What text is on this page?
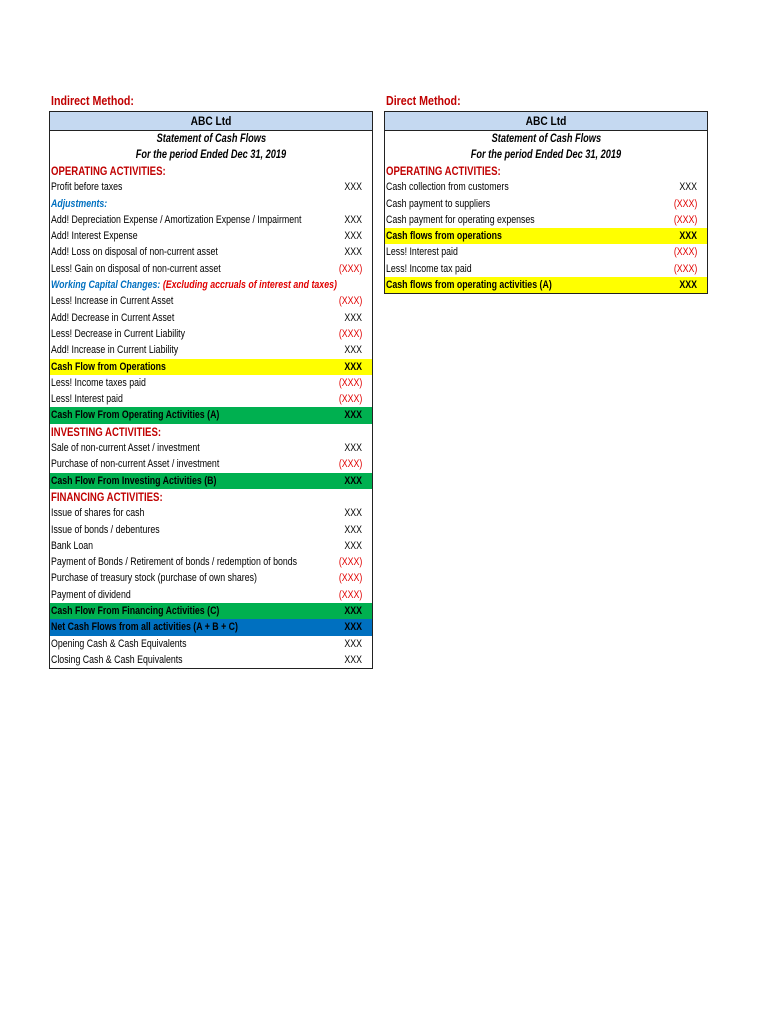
Indirect Method:
ABC Ltd
Statement of Cash Flows
For the period Ended Dec 31, 2019
OPERATING ACTIVITIES:
Profit before taxes	XXX
Adjustments:
Add! Depreciation Expense / Amortization Expense / Impairment	XXX
Add! Interest Expense	XXX
Add! Loss on disposal of non-current asset	XXX
Less! Gain on disposal of non-current asset	(XXX)
Working Capital Changes: (Excluding accruals of interest and taxes)
Less! Increase in Current Asset	(XXX)
Add! Decrease in Current Asset	XXX
Less! Decrease in Current Liability	(XXX)
Add! Increase in Current Liability	XXX
Cash Flow from Operations	XXX
Less! Income taxes paid	(XXX)
Less! Interest paid	(XXX)
Cash Flow From Operating Activities (A)	XXX
INVESTING ACTIVITIES:
Sale of non-current Asset / investment	XXX
Purchase of non-current Asset / investment	(XXX)
Cash Flow From Investing Activities (B)	XXX
FINANCING ACTIVITIES:
Issue of shares for cash	XXX
Issue of bonds / debentures	XXX
Bank Loan	XXX
Payment of Bonds / Retirement of bonds / redemption of bonds	(XXX)
Purchase of treasury stock (purchase of own shares)	(XXX)
Payment of dividend	(XXX)
Cash Flow From Financing Activities (C)	XXX
Net Cash Flows from all activities (A + B + C)	XXX
Opening Cash & Cash Equivalents	XXX
Closing Cash & Cash Equivalents	XXX
Direct Method:
ABC Ltd
Statement of Cash Flows
For the period Ended Dec 31, 2019
OPERATING ACTIVITIES:
Cash collection from customers	XXX
Cash payment to suppliers	(XXX)
Cash payment for operating expenses	(XXX)
Cash flows from operations	XXX
Less! Interest paid	(XXX)
Less! Income tax paid	(XXX)
Cash flows from operating activities (A)	XXX
